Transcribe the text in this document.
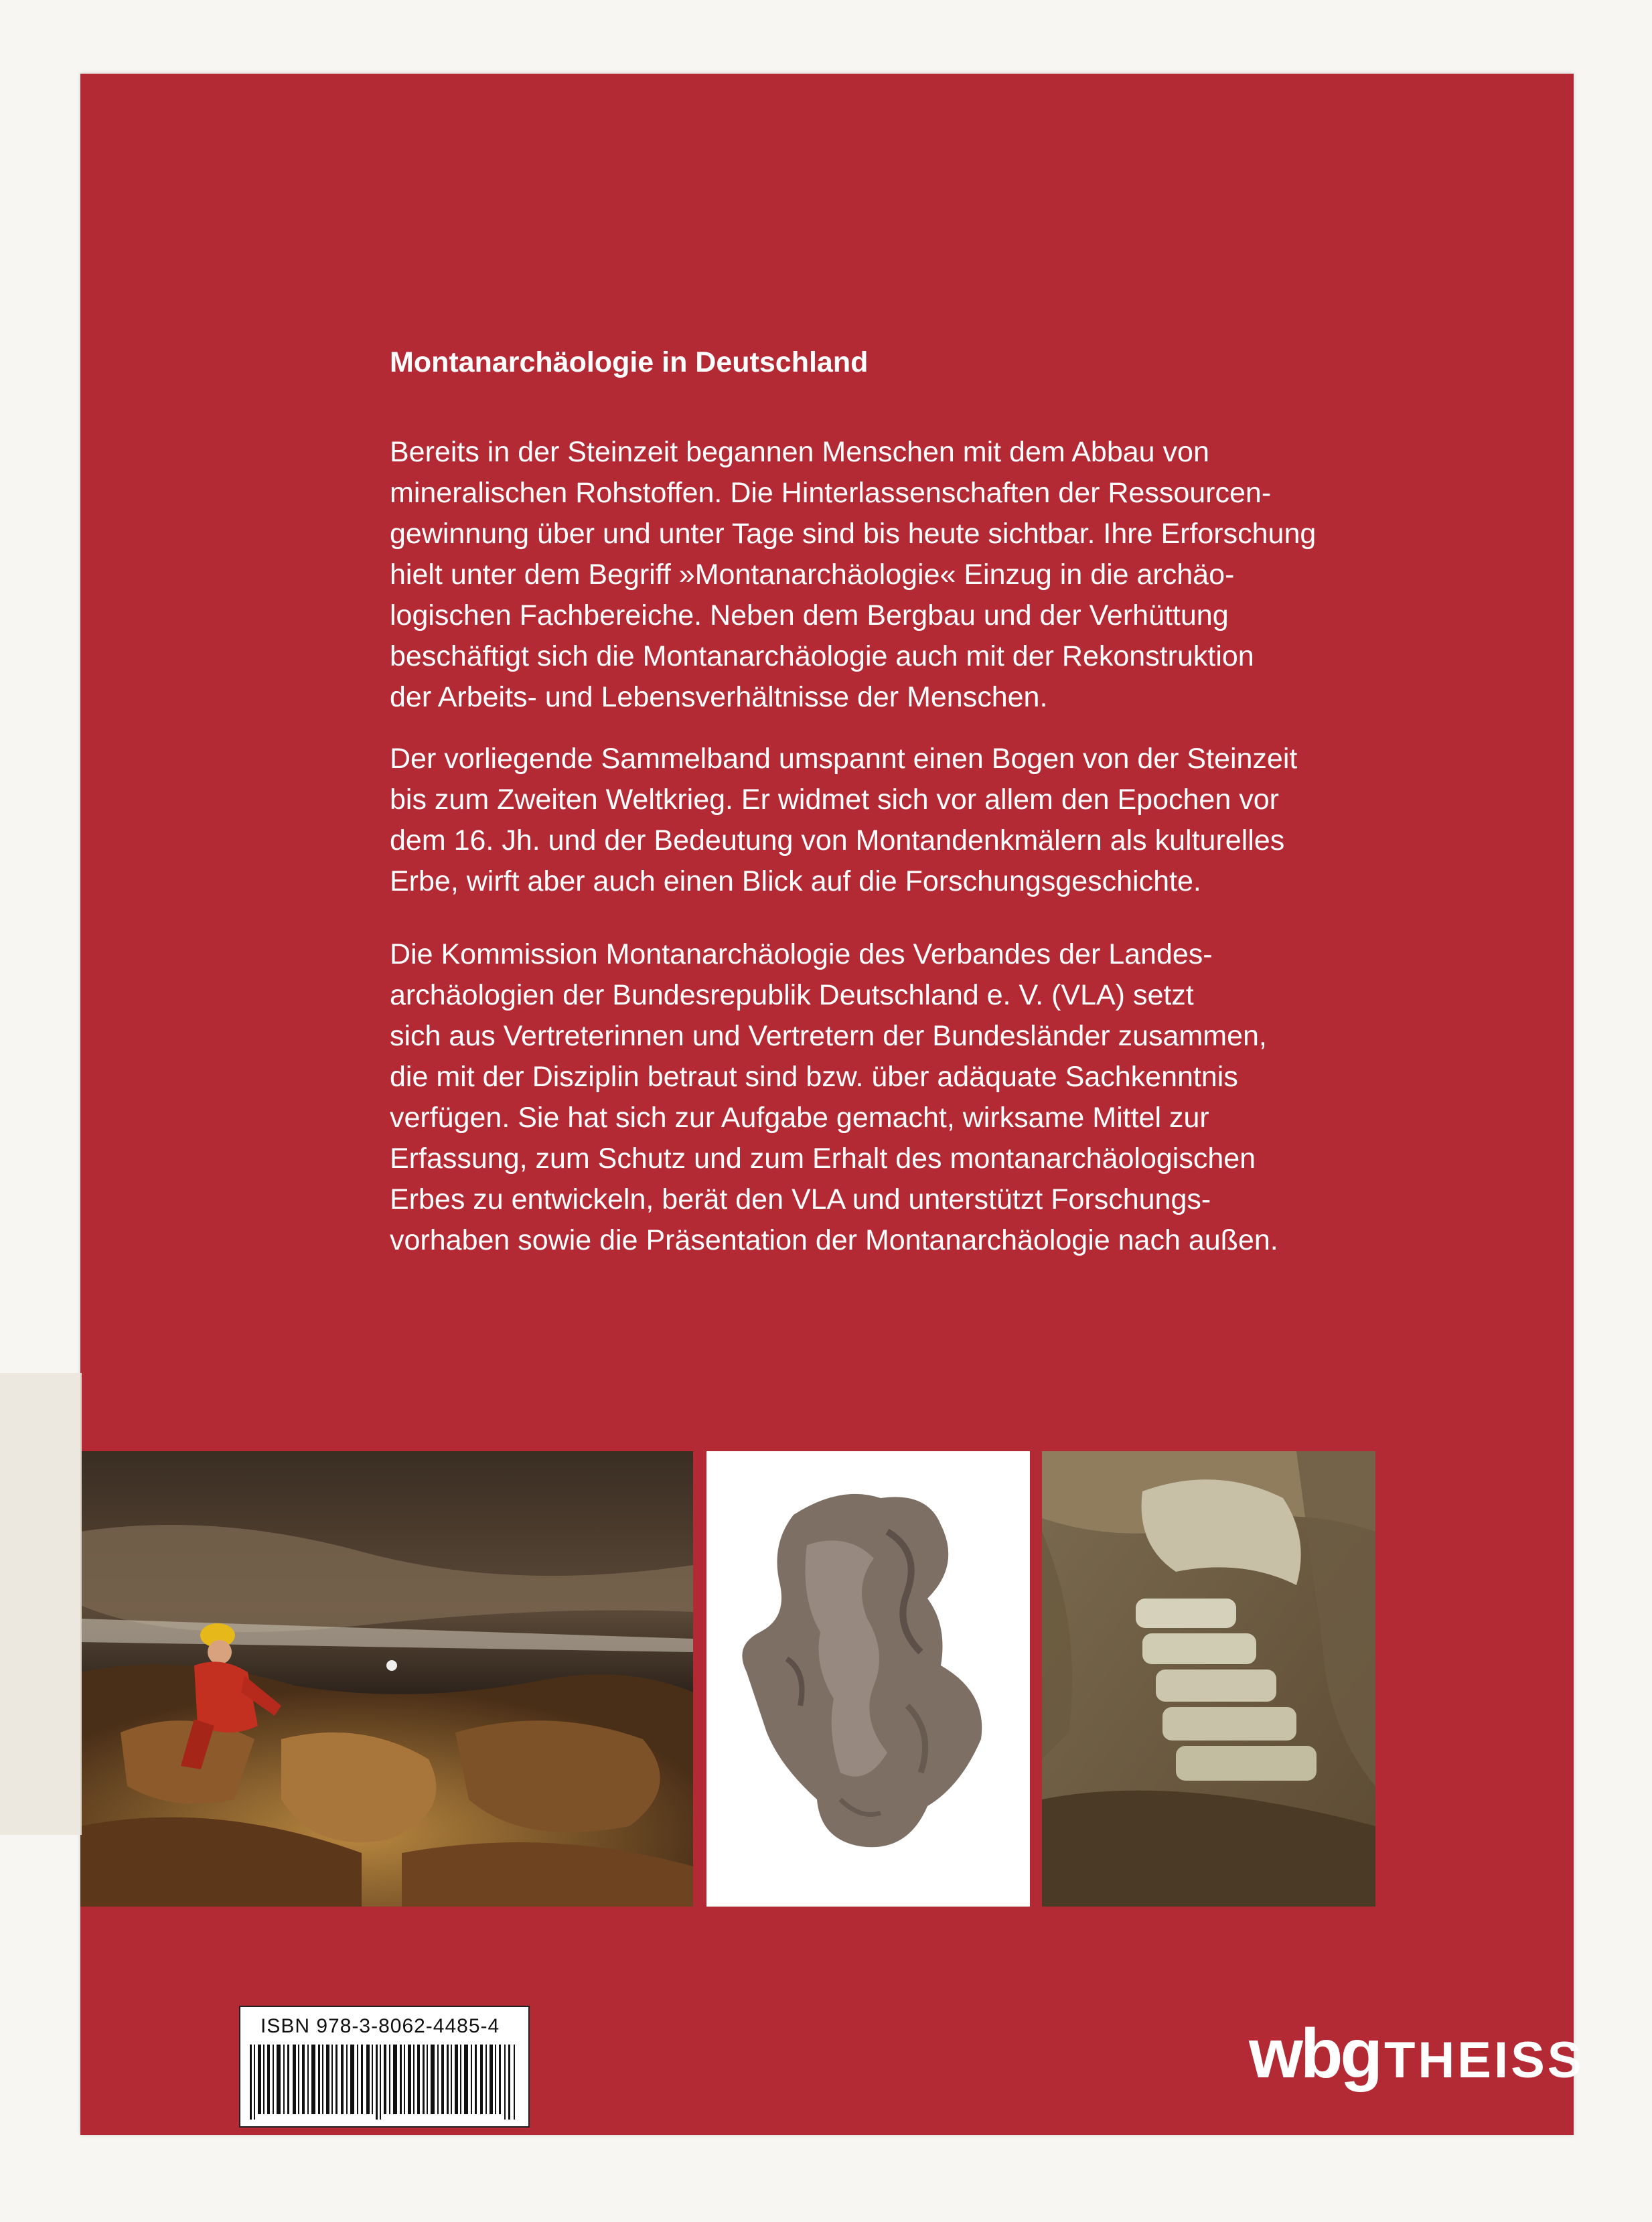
Montanarchäologie in Deutschland

Bereits in der Steinzeit begannen Menschen mit dem Abbau von
mineralischen Rohstoffen. Die Hinterlassenschaften der Ressourcen-
gewinnung über und unter Tage sind bis heute sichtbar. Ihre Erforschung
hielt unter dem Begriff »Montanarchäologie« Einzug in die archäo-
logischen Fachbereiche. Neben dem Bergbau und der Verhüttung
beschäftigt sich die Montanarchäologie auch mit der Rekonstruktion
der Arbeits- und Lebensverhältnisse der Menschen.

Der vorliegende Sammelband umspannt einen Bogen von der Steinzeit
bis zum Zweiten Weltkrieg. Er widmet sich vor allem den Epochen vor
dem 16. Jh. und der Bedeutung von Montandenkmälern als kulturelles
Erbe, wirft aber auch einen Blick auf die Forschungsgeschichte.

Die Kommission Montanarchäologie des Verbandes der Landes-
archäologien der Bundesrepublik Deutschland e. V. (VLA) setzt
sich aus Vertreterinnen und Vertretern der Bundesländer zusammen,
die mit der Disziplin betraut sind bzw. über adäquate Sachkenntnis
verfügen. Sie hat sich zur Aufgabe gemacht, wirksame Mittel zur
Erfassung, zum Schutz und zum Erhalt des montanarchäologischen
Erbes zu entwickeln, berät den VLA und unterstützt Forschungs-
vorhaben sowie die Präsentation der Montanarchäologie nach außen.

ISBN 978-3-8062-4485-4	wbgTHEISS
